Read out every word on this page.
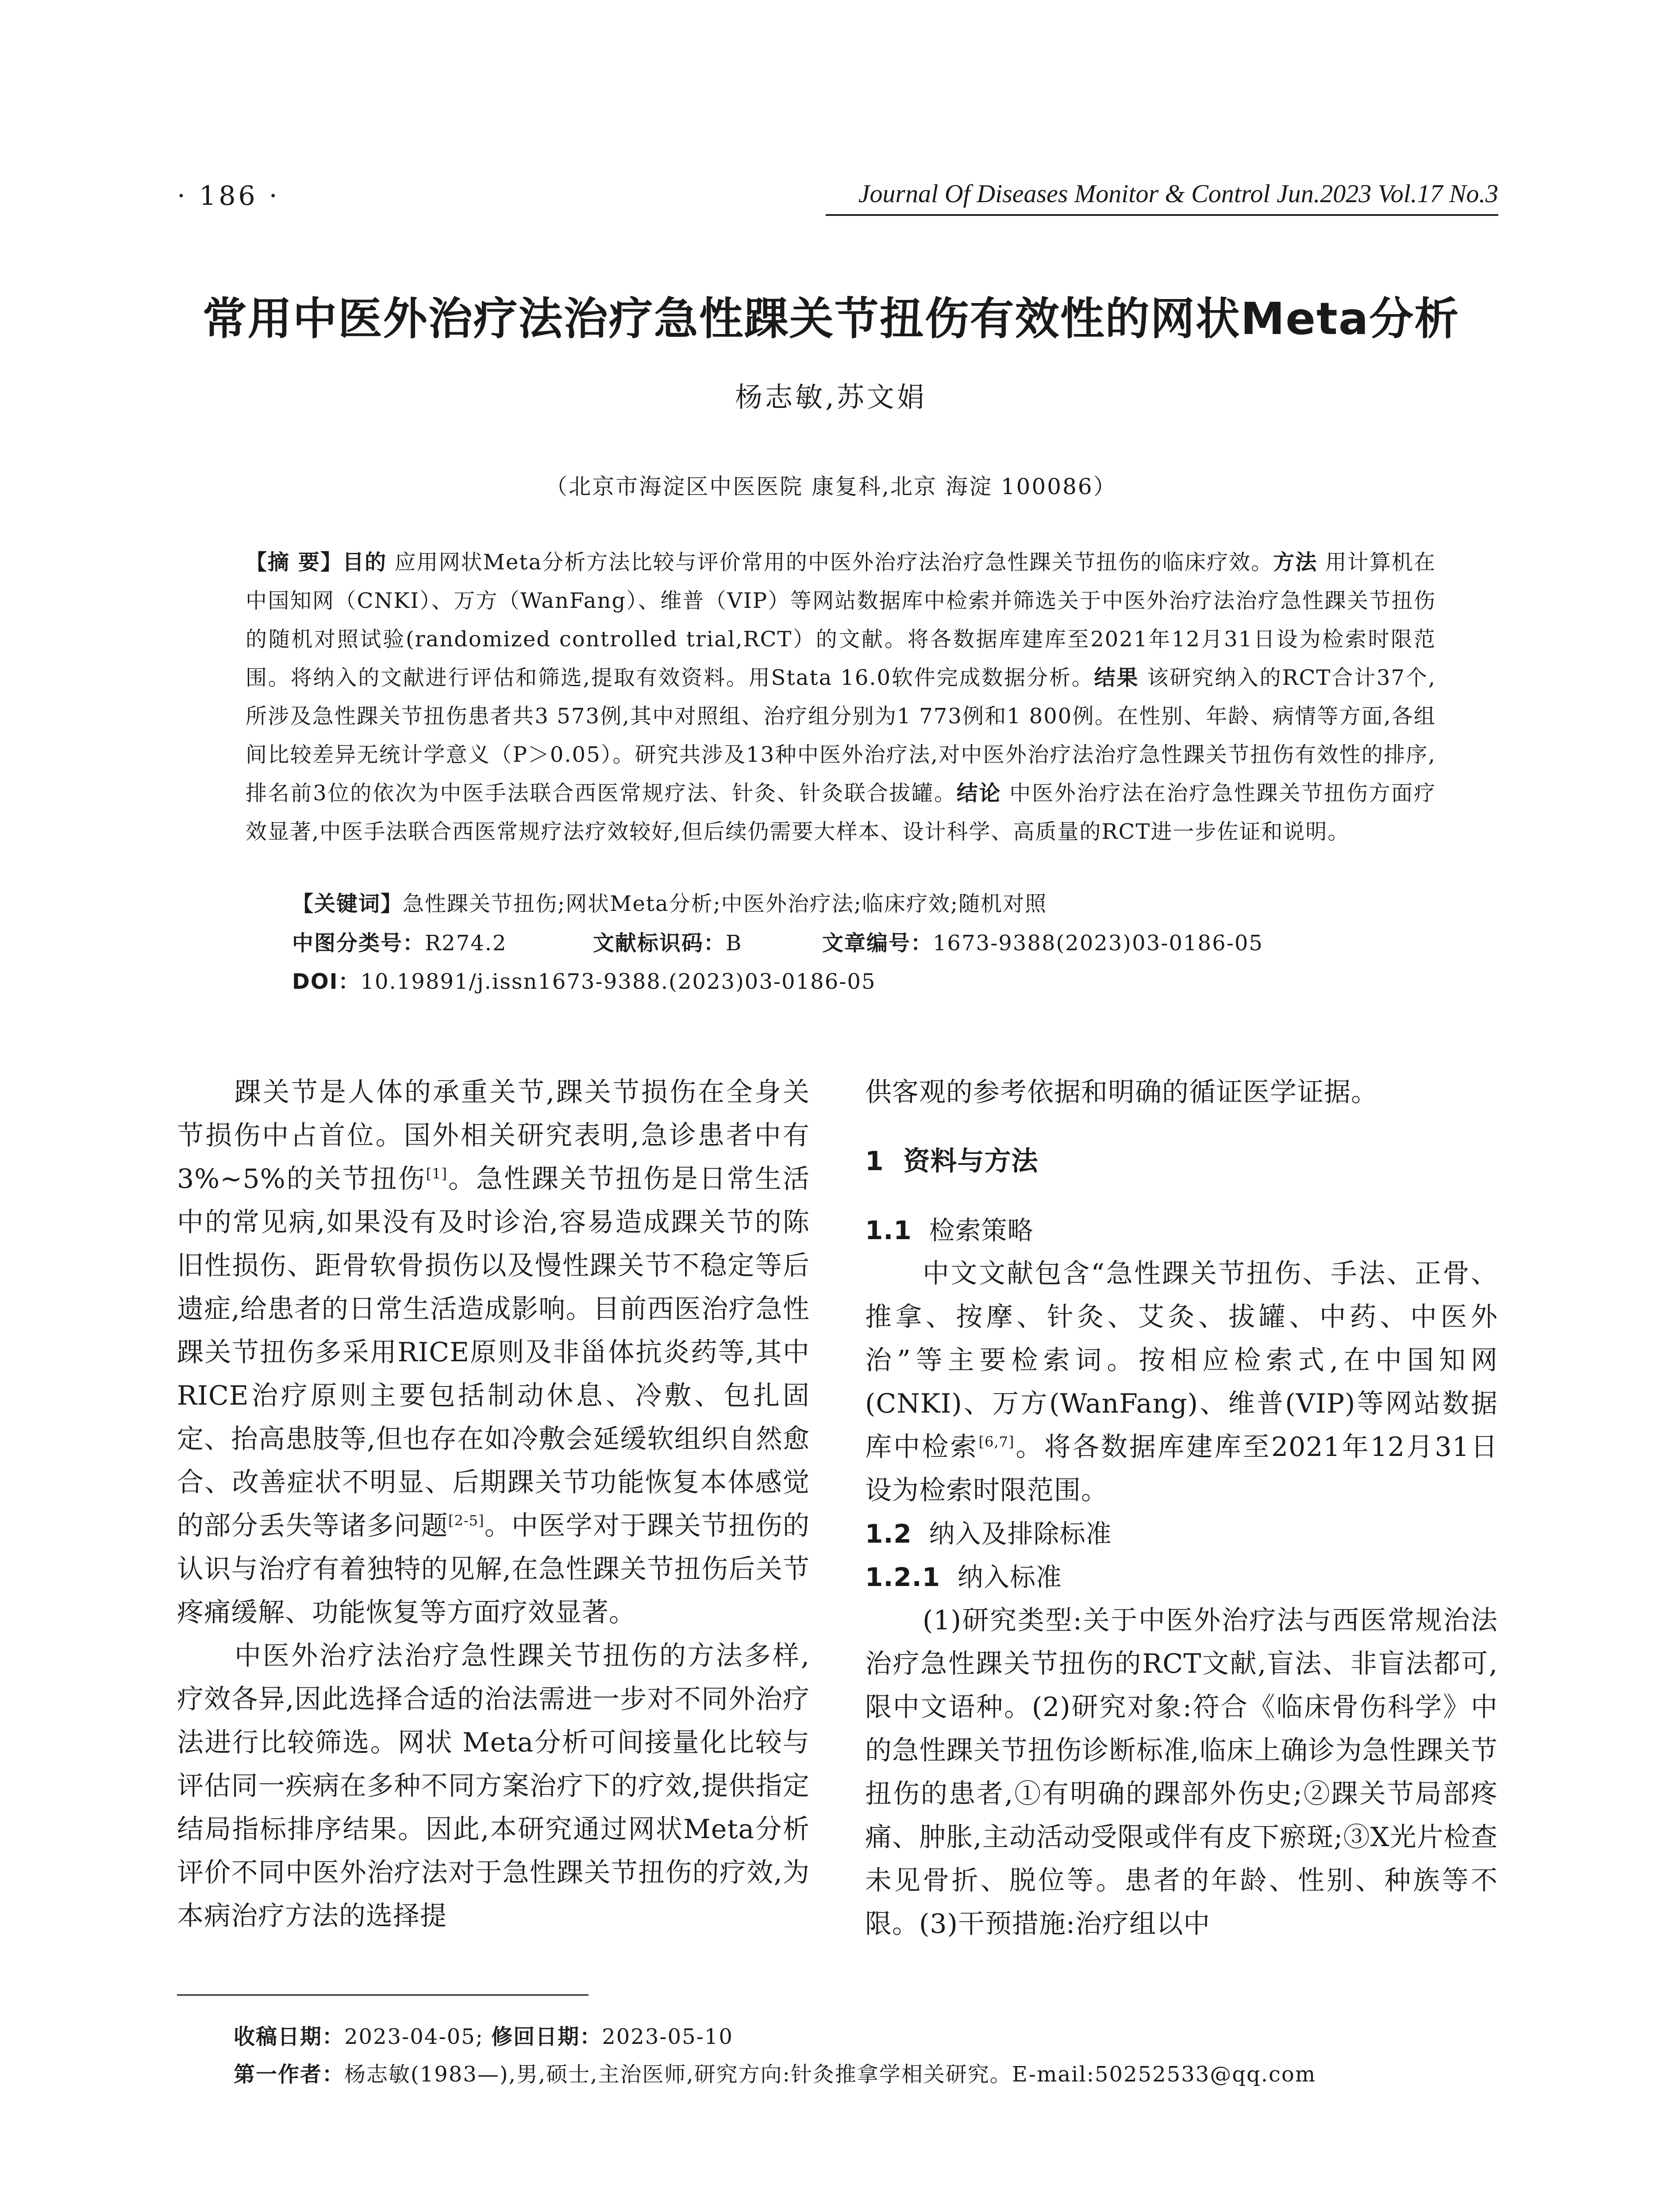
· 186 ·	Journal Of Diseases Monitor & Control Jun.2023 Vol.17 No.3
常用中医外治疗法治疗急性踝关节扭伤有效性的网状Meta分析
杨志敏,苏文娟
（北京市海淀区中医医院 康复科,北京 海淀 100086）
【摘 要】目的 应用网状Meta分析方法比较与评价常用的中医外治疗法治疗急性踝关节扭伤的临床疗效。方法 用计算机在中国知网（CNKI）、万方（WanFang）、维普（VIP）等网站数据库中检索并筛选关于中医外治疗法治疗急性踝关节扭伤的随机对照试验(randomized controlled trial,RCT）的文献。将各数据库建库至2021年12月31日设为检索时限范围。将纳入的文献进行评估和筛选,提取有效资料。用Stata 16.0软件完成数据分析。结果 该研究纳入的RCT合计37个,所涉及急性踝关节扭伤患者共3 573例,其中对照组、治疗组分别为1 773例和1 800例。在性别、年龄、病情等方面,各组间比较差异无统计学意义（P＞0.05）。研究共涉及13种中医外治疗法,对中医外治疗法治疗急性踝关节扭伤有效性的排序,排名前3位的依次为中医手法联合西医常规疗法、针灸、针灸联合拔罐。结论 中医外治疗法在治疗急性踝关节扭伤方面疗效显著,中医手法联合西医常规疗法疗效较好,但后续仍需要大样本、设计科学、高质量的RCT进一步佐证和说明。
【关键词】急性踝关节扭伤;网状Meta分析;中医外治疗法;临床疗效;随机对照
中图分类号：R274.2	文献标识码：B	文章编号：1673-9388(2023)03-0186-05
DOI：10.19891/j.issn1673-9388.(2023)03-0186-05

踝关节是人体的承重关节,踝关节损伤在全身关节损伤中占首位。国外相关研究表明,急诊患者中有3%~5%的关节扭伤[1]。急性踝关节扭伤是日常生活中的常见病,如果没有及时诊治,容易造成踝关节的陈旧性损伤、距骨软骨损伤以及慢性踝关节不稳定等后遗症,给患者的日常生活造成影响。目前西医治疗急性踝关节扭伤多采用RICE原则及非甾体抗炎药等,其中RICE治疗原则主要包括制动休息、冷敷、包扎固定、抬高患肢等,但也存在如冷敷会延缓软组织自然愈合、改善症状不明显、后期踝关节功能恢复本体感觉的部分丢失等诸多问题[2-5]。中医学对于踝关节扭伤的认识与治疗有着独特的见解,在急性踝关节扭伤后关节疼痛缓解、功能恢复等方面疗效显著。

中医外治疗法治疗急性踝关节扭伤的方法多样,疗效各异,因此选择合适的治法需进一步对不同外治疗法进行比较筛选。网状 Meta分析可间接量化比较与评估同一疾病在多种不同方案治疗下的疗效,提供指定结局指标排序结果。因此,本研究通过网状Meta分析评价不同中医外治疗法对于急性踝关节扭伤的疗效,为本病治疗方法的选择提

供客观的参考依据和明确的循证医学证据。

1 资料与方法
1.1 检索策略

中文文献包含“急性踝关节扭伤、手法、正骨、推拿、按摩、针灸、艾灸、拔罐、中药、中医外治”等主要检索词。按相应检索式,在中国知网(CNKI)、万方(WanFang)、维普(VIP)等网站数据库中检索[6,7]。将各数据库建库至2021年12月31日设为检索时限范围。

1.2 纳入及排除标准
1.2.1 纳入标准

(1)研究类型:关于中医外治疗法与西医常规治法治疗急性踝关节扭伤的RCT文献,盲法、非盲法都可,限中文语种。(2)研究对象:符合《临床骨伤科学》中的急性踝关节扭伤诊断标准,临床上确诊为急性踝关节扭伤的患者,①有明确的踝部外伤史;②踝关节局部疼痛、肿胀,主动活动受限或伴有皮下瘀斑;③X光片检查未见骨折、脱位等。患者的年龄、性别、种族等不限。(3)干预措施:治疗组以中

收稿日期：2023-04-05; 修回日期：2023-05-10
第一作者：杨志敏(1983—),男,硕士,主治医师,研究方向:针灸推拿学相关研究。E-mail:50252533@qq.com
